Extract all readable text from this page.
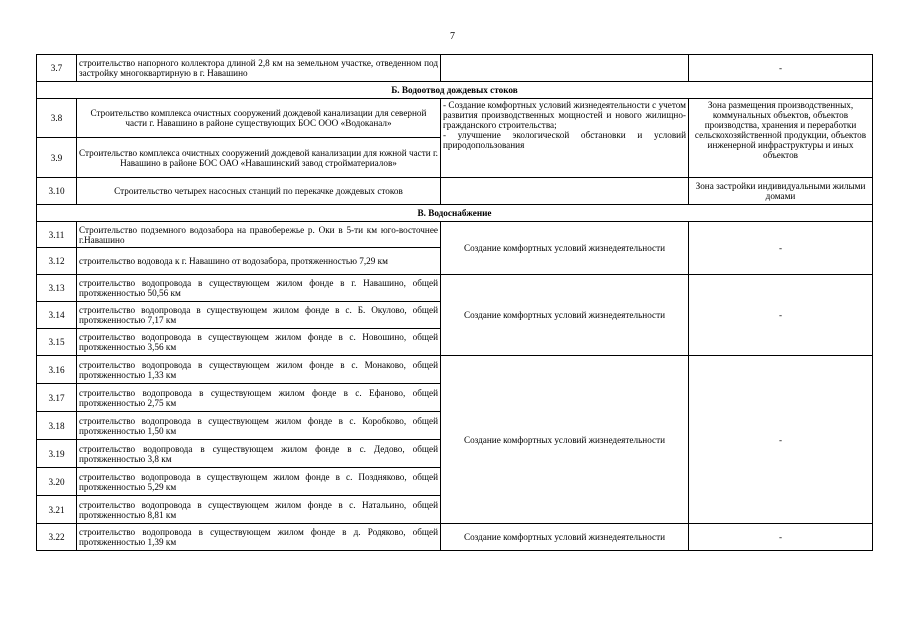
7
3.7	строительство напорного коллектора длиной 2,8 км на земельном участке, отведенном под застройку многоквартирную в г. Навашино		-
Б. Водоотвод дождевых стоков			
3.8	Строительство комплекса очистных сооружений дождевой канализации для северной части г. Навашино в районе существующих БОС ООО «Водоканал»	- Создание комфортных условий жизнедеятельности с учетом развития производственных мощностей и нового жилищно- гражданского строительства;
- улучшение экологической обстановки и условий природопользования	Зона размещения производственных, коммунальных объектов, объектов производства, хранения и переработки сельскохозяйственной продукции, объектов инженерной инфраструктуры и иных объектов
3.9	Строительство комплекса очистных сооружений дождевой канализации для южной части г. Навашино в районе БОС ОАО «Навашинский завод стройматериалов»		
3.10	Строительство четырех насосных станций по перекачке дождевых стоков		Зона застройки индивидуальными жилыми домами
В. Водоснабжение			
3.11	Строительство подземного водозабора на правобережье р. Оки в 5-ти км юго-восточнее г.Навашино	Создание комфортных условий жизнедеятельности	-
3.12	строительство водовода к г. Навашино от водозабора, протяженностью 7,29 км		
3.13	строительство водопровода в существующем жилом фонде в г. Навашино, общей протяженностью 50,56 км	Создание комфортных условий жизнедеятельности	-
3.14	строительство водопровода в существующем жилом фонде в с. Б. Окулово, общей протяженностью 7,17 км		
3.15	строительство водопровода в существующем жилом фонде в с. Новошино, общей протяженностью 3,56 км		
3.16	строительство водопровода в существующем жилом фонде в с. Монаково, общей протяженностью 1,33 км	Создание комфортных условий жизнедеятельности	-
3.17	строительство водопровода в существующем жилом фонде в с. Ефаново, общей протяженностью 2,75 км		
3.18	строительство водопровода в существующем жилом фонде в с. Коробково, общей протяженностью 1,50 км		
3.19	строительство водопровода в существующем жилом фонде в с. Дедово, общей протяженностью 3,8 км		
3.20	строительство водопровода в существующем жилом фонде в с. Поздняково, общей протяженностью 5,29 км		
3.21	строительство водопровода в существующем жилом фонде в с. Натальино, общей протяженностью 8,81 км		
3.22	строительство водопровода в существующем жилом фонде в д. Родяково, общей протяженностью 1,39 км	Создание комфортных условий жизнедеятельности	-
